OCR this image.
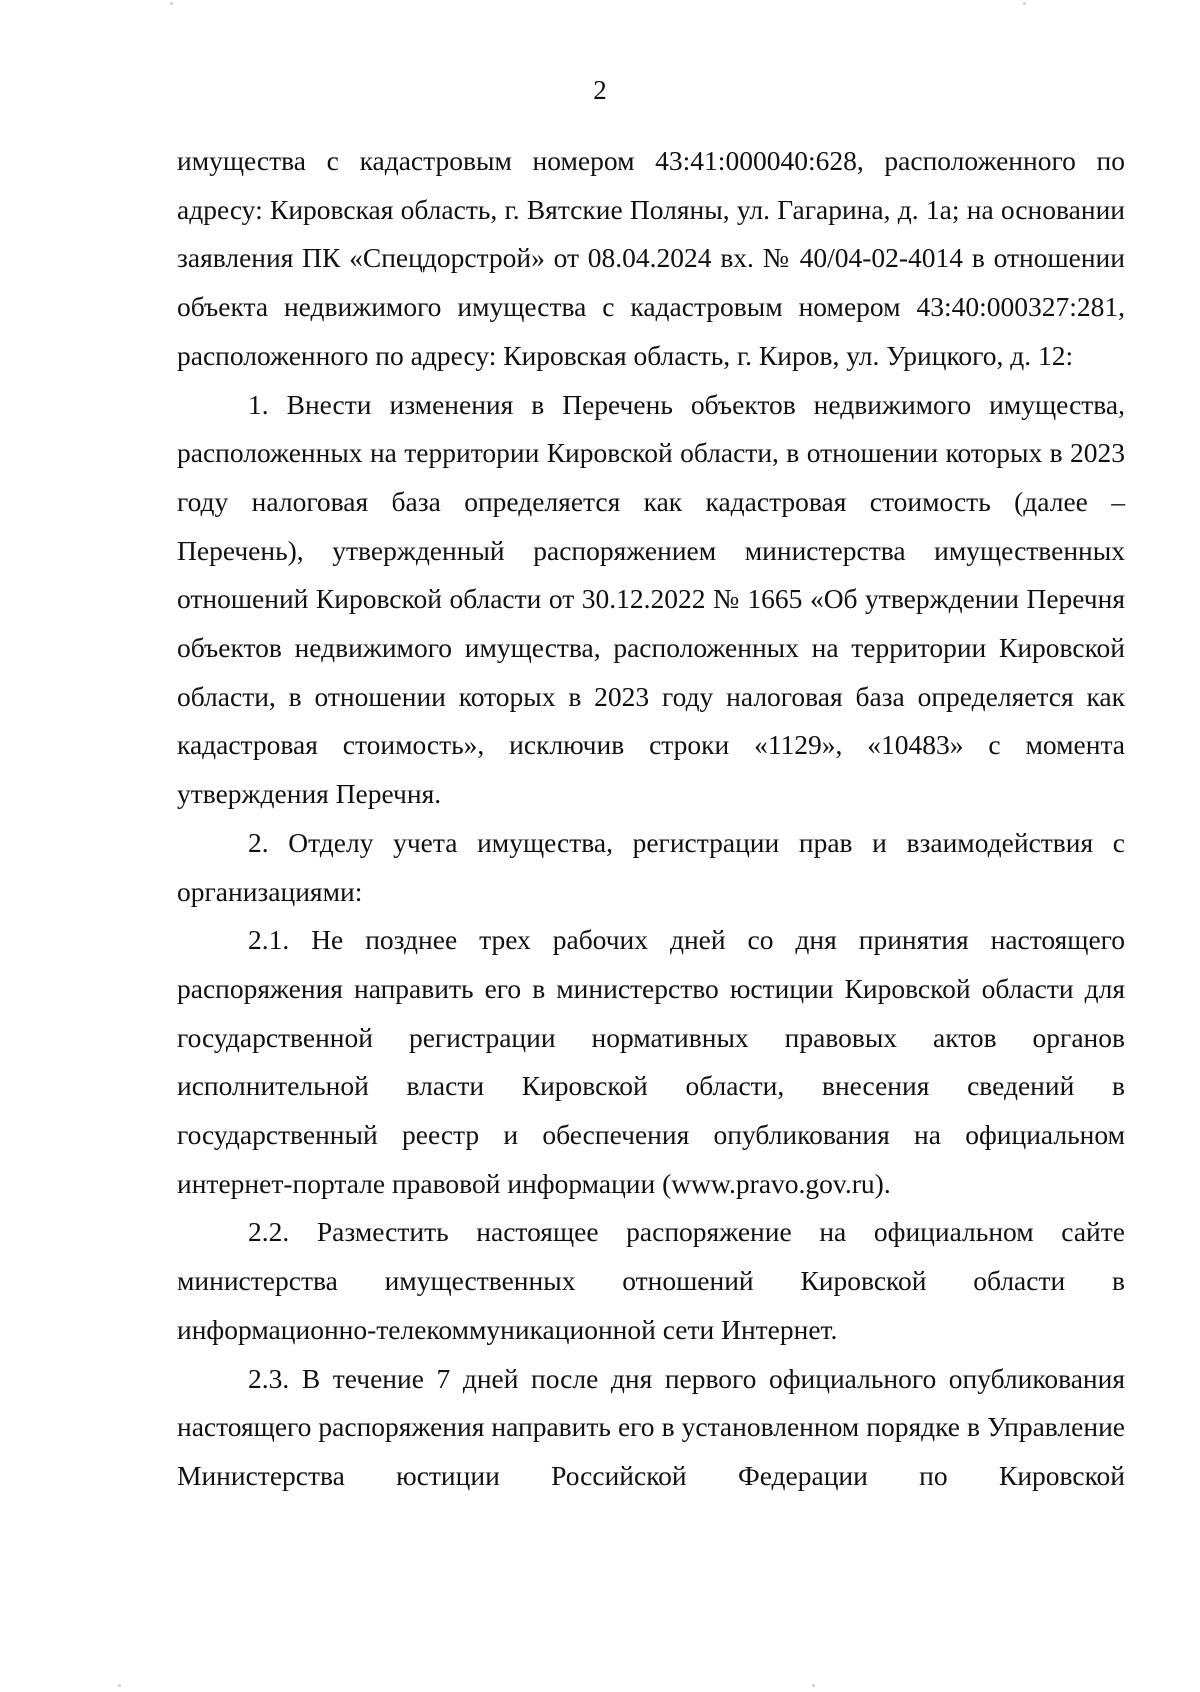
2

имущества с кадастровым номером 43:41:000040:628, расположенного по адресу: Кировская область, г. Вятские Поляны, ул. Гагарина, д. 1а; на основании заявления ПК «Спецдорстрой» от 08.04.2024 вх. № 40/04-02-4014 в отношении объекта недвижимого имущества с кадастровым номером 43:40:000327:281, расположенного по адресу: Кировская область, г. Киров, ул. Урицкого, д. 12:

1. Внести изменения в Перечень объектов недвижимого имущества, расположенных на территории Кировской области, в отношении которых в 2023 году налоговая база определяется как кадастровая стоимость (далее – Перечень), утвержденный распоряжением министерства имущественных отношений Кировской области от 30.12.2022 № 1665 «Об утверждении Перечня объектов недвижимого имущества, расположенных на территории Кировской области, в отношении которых в 2023 году налоговая база определяется как кадастровая стоимость», исключив строки «1129», «10483» с момента утверждения Перечня.

2. Отделу учета имущества, регистрации прав и взаимодействия с организациями:

2.1. Не позднее трех рабочих дней со дня принятия настоящего распоряжения направить его в министерство юстиции Кировской области для государственной регистрации нормативных правовых актов органов исполнительной власти Кировской области, внесения сведений в государственный реестр и обеспечения опубликования на официальном интернет-портале правовой информации (www.pravo.gov.ru).

2.2. Разместить настоящее распоряжение на официальном сайте министерства имущественных отношений Кировской области в информационно-телекоммуникационной сети Интернет.

2.3. В течение 7 дней после дня первого официального опубликования настоящего распоряжения направить его в установленном порядке в Управление Министерства юстиции Российской Федерации по Кировской
